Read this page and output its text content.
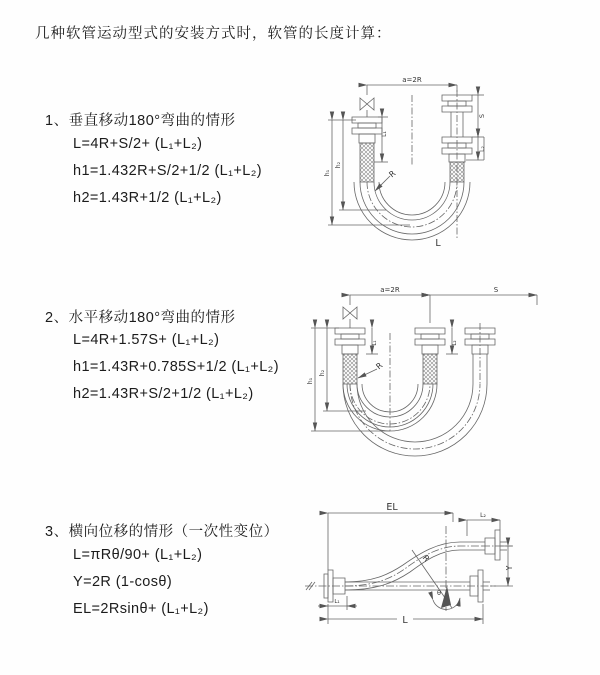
几种软管运动型式的安装方式时，软管的长度计算：
1、垂直移动180°弯曲的情形
L=4R+S/2+ (L₁+L₂)
h1=1.432R+S/2+1/2 (L₁+L₂)
h2=1.43R+1/2 (L₁+L₂)
2、水平移动180°弯曲的情形
L=4R+1.57S+ (L₁+L₂)
h1=1.43R+0.785S+1/2 (L₁+L₂)
h2=1.43R+S/2+1/2 (L₁+L₂)
3、横向位移的情形（一次性变位）
L=πRθ/90+ (L₁+L₂)
Y=2R (1-cosθ)
EL=2Rsinθ+ (L₁+L₂)
a=2R
L₁
S
L₂
h₁
h₂
R
L
a=2R	S
L₁	L₂
h₁
h₂
R
EL
L₂
Y
R
θ
L
L₁
